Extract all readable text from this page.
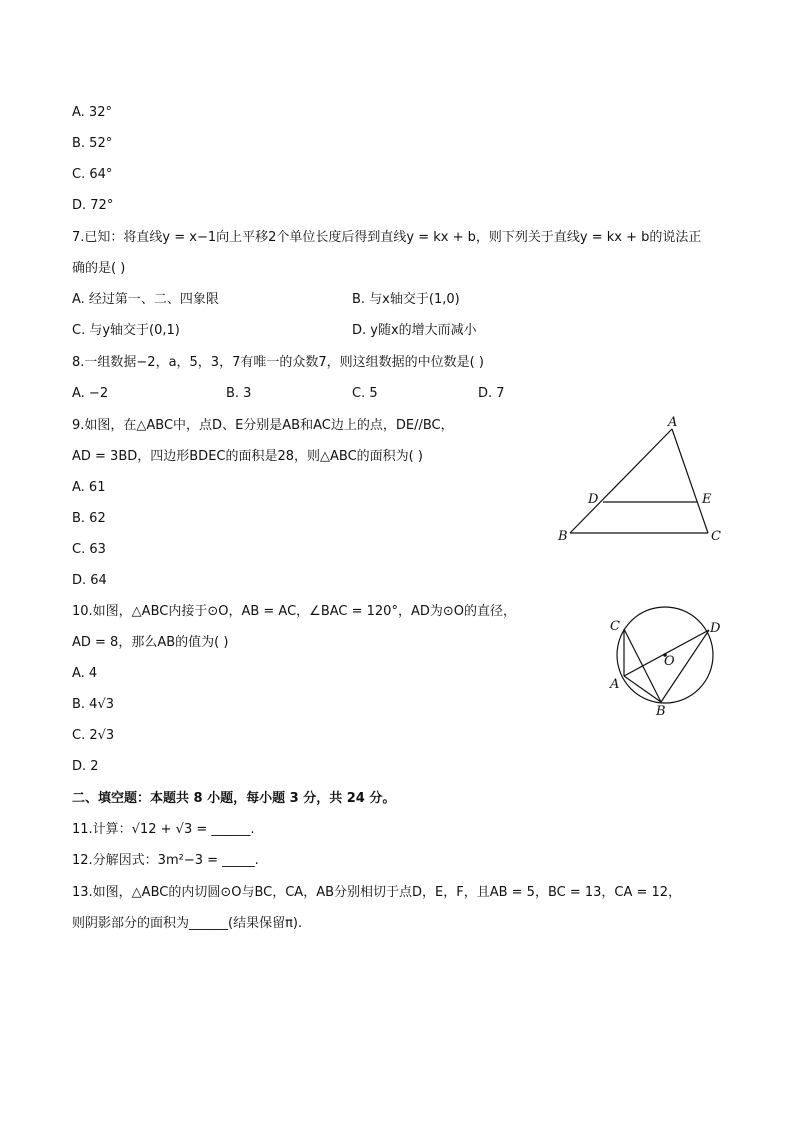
A. 32°
B. 52°
C. 64°
D. 72°
7.已知：将直线y = x−1向上平移2个单位长度后得到直线y = kx + b，则下列关于直线y = kx + b的说法正
确的是( )
A. 经过第一、二、四象限	B. 与x轴交于(1,0)
C. 与y轴交于(0,1)	D. y随x的增大而减小
8.一组数据−2，a，5，3，7有唯一的众数7，则这组数据的中位数是( )
A. −2	B. 3	C. 5	D. 7
9.如图，在△ABC中，点D、E分别是AB和AC边上的点，DE//BC，
AD = 3BD，四边形BDEC的面积是28，则△ABC的面积为( )
A. 61
B. 62
C. 63
D. 64
A
B	C
D	E
10.如图，△ABC内接于⊙O，AB = AC，∠BAC = 120°，AD为⊙O的直径，
AD = 8，那么AB的值为( )
A. 4
B. 4√3
C. 2√3
D. 2
C
A
B
D
O
二、填空题：本题共 8 小题，每小题 3 分，共 24 分。
11.计算：√12 + √3 = ______.
12.分解因式：3m²−3 = _____.
13.如图，△ABC的内切圆⊙O与BC，CA，AB分别相切于点D，E，F，且AB = 5，BC = 13，CA = 12，
则阴影部分的面积为______(结果保留π).
